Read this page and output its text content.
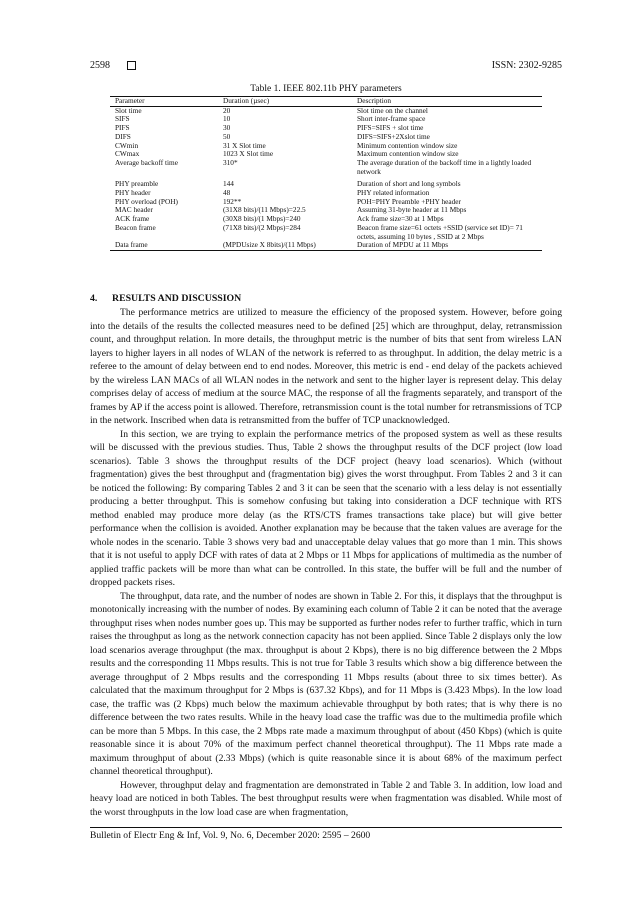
2598	ISSN: 2302-9285
Table 1. IEEE 802.11b PHY parameters
Parameter	Duration (µsec)	Description
Slot time	20	Slot time on the channel
SIFS	10	Short inter-frame space
PIFS	30	PIFS=SIFS + slot time
DIFS	50	DIFS=SIFS+2Xslot time
CWmin	31 X Slot time	Minimum contention window size
CWmax	1023 X Slot time	Maximum contention window size
Average backoff time	310*	The average duration of the backoff time in a lightly loaded network

PHY preamble	144	Duration of short and long symbols
PHY header	48	PHY related information
PHY overload (POH)	192**	POH=PHY Preamble +PHY header
MAC header	(31X8 bits)/(11 Mbps)=22.5	Assuming 31-byte header at 11 Mbps
ACK frame	(30X8 bits)/(1 Mbps)=240	Ack frame size=30 at 1 Mbps
Beacon frame	(71X8 bits)/(2 Mbps)=284	Beacon frame size=61 octets +SSID (service set ID)= 71 octets, assuming 10 bytes , SSID at 2 Mbps
Data frame	(MPDUsize X 8bits)/(11 Mbps)	Duration of MPDU at 11 Mbps
4. RESULTS AND DISCUSSION

The performance metrics are utilized to measure the efficiency of the proposed system. However, before going into the details of the results the collected measures need to be defined [25] which are throughput, delay, retransmission count, and throughput relation. In more details, the throughput metric is the number of bits that sent from wireless LAN layers to higher layers in all nodes of WLAN of the network is referred to as throughput. In addition, the delay metric is a referee to the amount of delay between end to end nodes. Moreover, this metric is end - end delay of the packets achieved by the wireless LAN MACs of all WLAN nodes in the network and sent to the higher layer is represent delay. This delay comprises delay of access of medium at the source MAC, the response of all the fragments separately, and transport of the frames by AP if the access point is allowed. Therefore, retransmission count is the total number for retransmissions of TCP in the network. Inscribed when data is retransmitted from the buffer of TCP unacknowledged.

In this section, we are trying to explain the performance metrics of the proposed system as well as these results will be discussed with the previous studies. Thus, Table 2 shows the throughput results of the DCF project (low load scenarios). Table 3 shows the throughput results of the DCF project (heavy load scenarios). Which (without fragmentation) gives the best throughput and (fragmentation big) gives the worst throughput. From Tables 2 and 3 it can be noticed the following: By comparing Tables 2 and 3 it can be seen that the scenario with a less delay is not essentially producing a better throughput. This is somehow confusing but taking into consideration a DCF technique with RTS method enabled may produce more delay (as the RTS/CTS frames transactions take place) but will give better performance when the collision is avoided. Another explanation may be because that the taken values are average for the whole nodes in the scenario. Table 3 shows very bad and unacceptable delay values that go more than 1 min. This shows that it is not useful to apply DCF with rates of data at 2 Mbps or 11 Mbps for applications of multimedia as the number of applied traffic packets will be more than what can be controlled. In this state, the buffer will be full and the number of dropped packets rises.

The throughput, data rate, and the number of nodes are shown in Table 2. For this, it displays that the throughput is monotonically increasing with the number of nodes. By examining each column of Table 2 it can be noted that the average throughput rises when nodes number goes up. This may be supported as further nodes refer to further traffic, which in turn raises the throughput as long as the network connection capacity has not been applied. Since Table 2 displays only the low load scenarios average throughput (the max. throughput is about 2 Kbps), there is no big difference between the 2 Mbps results and the corresponding 11 Mbps results. This is not true for Table 3 results which show a big difference between the average throughput of 2 Mbps results and the corresponding 11 Mbps results (about three to six times better). As calculated that the maximum throughput for 2 Mbps is (637.32 Kbps), and for 11 Mbps is (3.423 Mbps). In the low load case, the traffic was (2 Kbps) much below the maximum achievable throughput by both rates; that is why there is no difference between the two rates results. While in the heavy load case the traffic was due to the multimedia profile which can be more than 5 Mbps. In this case, the 2 Mbps rate made a maximum throughput of about (450 Kbps) (which is quite reasonable since it is about 70% of the maximum perfect channel theoretical throughput). The 11 Mbps rate made a maximum throughput of about (2.33 Mbps) (which is quite reasonable since it is about 68% of the maximum perfect channel theoretical throughput).

However, throughput delay and fragmentation are demonstrated in Table 2 and Table 3. In addition, low load and heavy load are noticed in both Tables. The best throughput results were when fragmentation was disabled. While most of the worst throughputs in the low load case are when fragmentation,

Bulletin of Electr Eng & Inf, Vol. 9, No. 6, December 2020: 2595 – 2600
